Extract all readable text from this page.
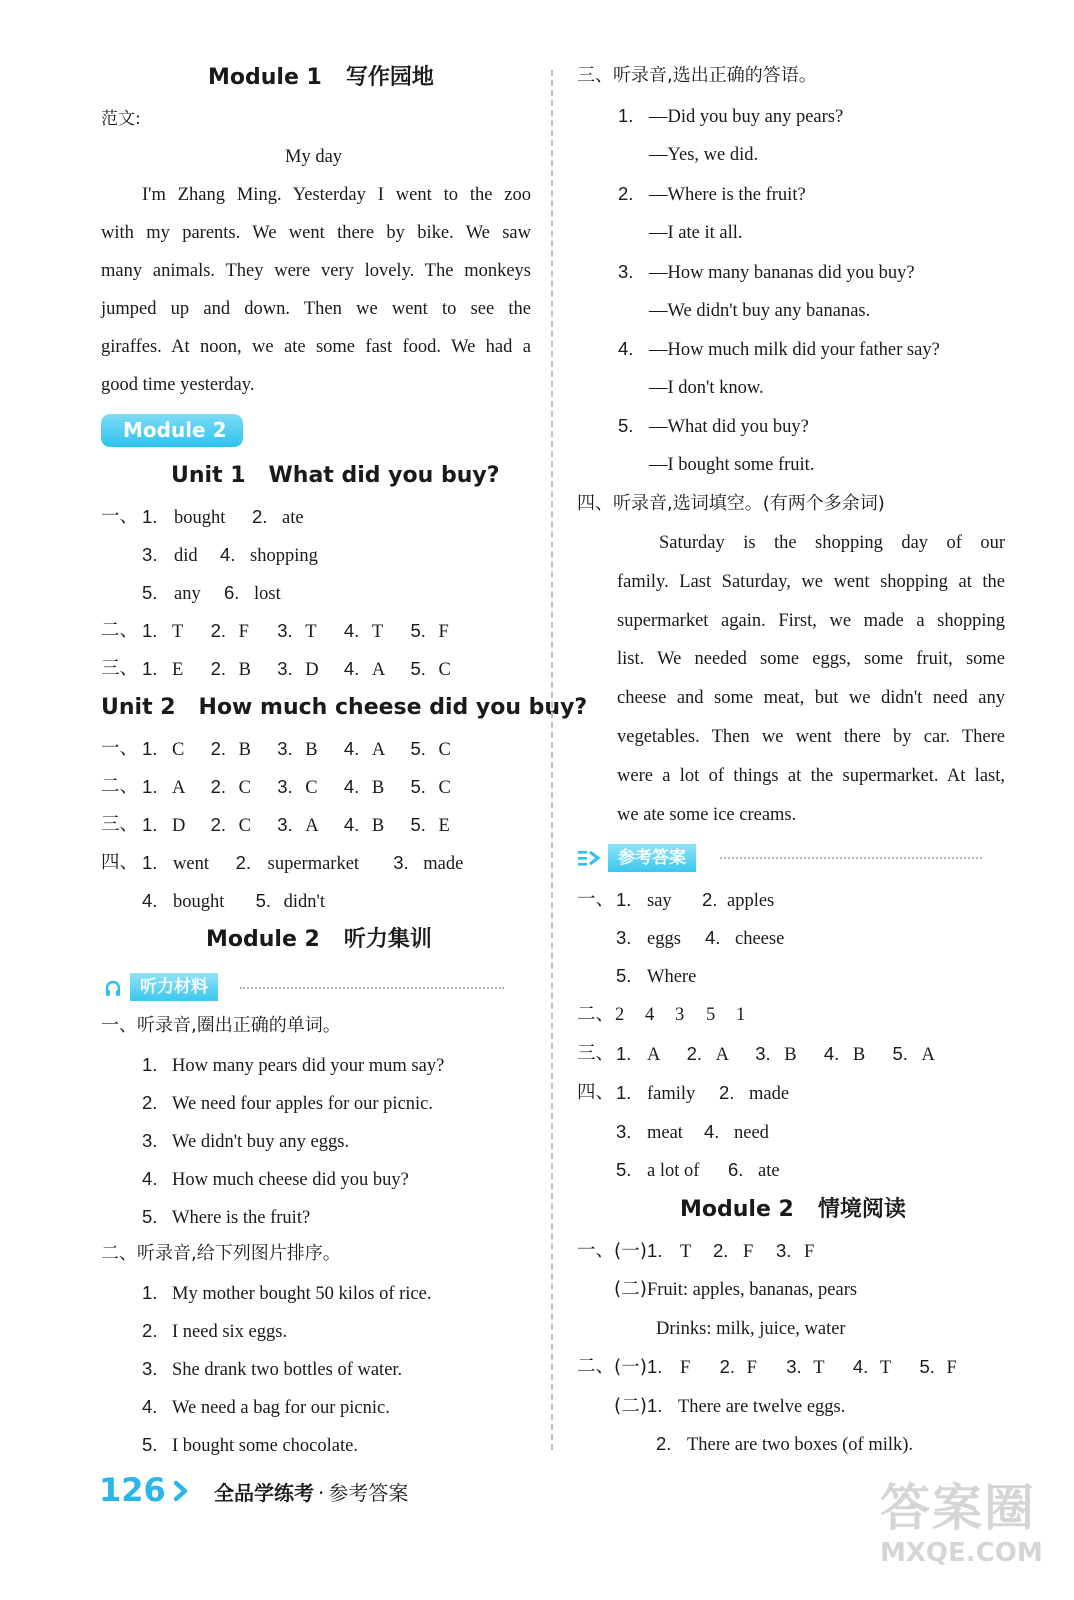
Module 1 写作园地
范文:
My day
I'm Zhang Ming. Yesterday I went to the zoo
with my parents. We went there by bike. We saw
many animals. They were very lovely. The monkeys
jumped up and down. Then we went to see the
giraffes. At noon, we ate some fast food. We had a
good time yesterday.
Module 2
Unit 1   What did you buy?
一、 1. bought 2. ate
3. did 4. shopping
5. any 6. lost
二、 1. T 2. F 3. T 4. T 5. F
三、 1. E 2. B 3. D 4. A 5. C
Unit 2   How much cheese did you buy?
一、 1. C 2. B 3. B 4. A 5. C
二、 1. A 2. C 3. C 4. B 5. C
三、 1. D 2. C 3. A 4. B 5. E
四、 1. went 2. supermarket 3. made
4. bought 5. didn't
Module 2 听力集训
听力材料
一、听录音,圈出正确的单词。
1. How many pears did your mum say?
2. We need four apples for our picnic.
3. We didn't buy any eggs.
4. How much cheese did you buy?
5. Where is the fruit?
二、听录音,给下列图片排序。
1. My mother bought 50 kilos of rice.
2. I need six eggs.
3. She drank two bottles of water.
4. We need a bag for our picnic.
5. I bought some chocolate.
三、听录音,选出正确的答语。
1. —Did you buy any pears?
—Yes, we did.
2. —Where is the fruit?
—I ate it all.
3. —How many bananas did you buy?
—We didn't buy any bananas.
4. —How much milk did your father say?
—I don't know.
5. —What did you buy?
—I bought some fruit.
四、听录音,选词填空。(有两个多余词)
Saturday is the shopping day of our
family. Last Saturday, we went shopping at the
supermarket again. First, we made a shopping
list. We needed some eggs, some fruit, some
cheese and some meat, but we didn't need any
vegetables. Then we went there by car. There
were a lot of things at the supermarket. At last,
we ate some ice creams.
参考答案
一、 1. say 2. apples
3. eggs 4. cheese
5. Where
二、 2 4 3 5 1
三、 1. A 2. A 3. B 4. B 5. A
四、 1. family 2. made
3. meat 4. need
5. a lot of 6. ate
Module 2 情境阅读
一、 (一)1. T 2. F 3. F
(二)Fruit: apples, bananas, pears
Drinks: milk, juice, water
二、 (一)1. F 2. F 3. T 4. T 5. F
(二)1. There are twelve eggs.
2. There are two boxes (of milk).
126 全品学练考 · 参考答案	答案圈
MXQE.COM
